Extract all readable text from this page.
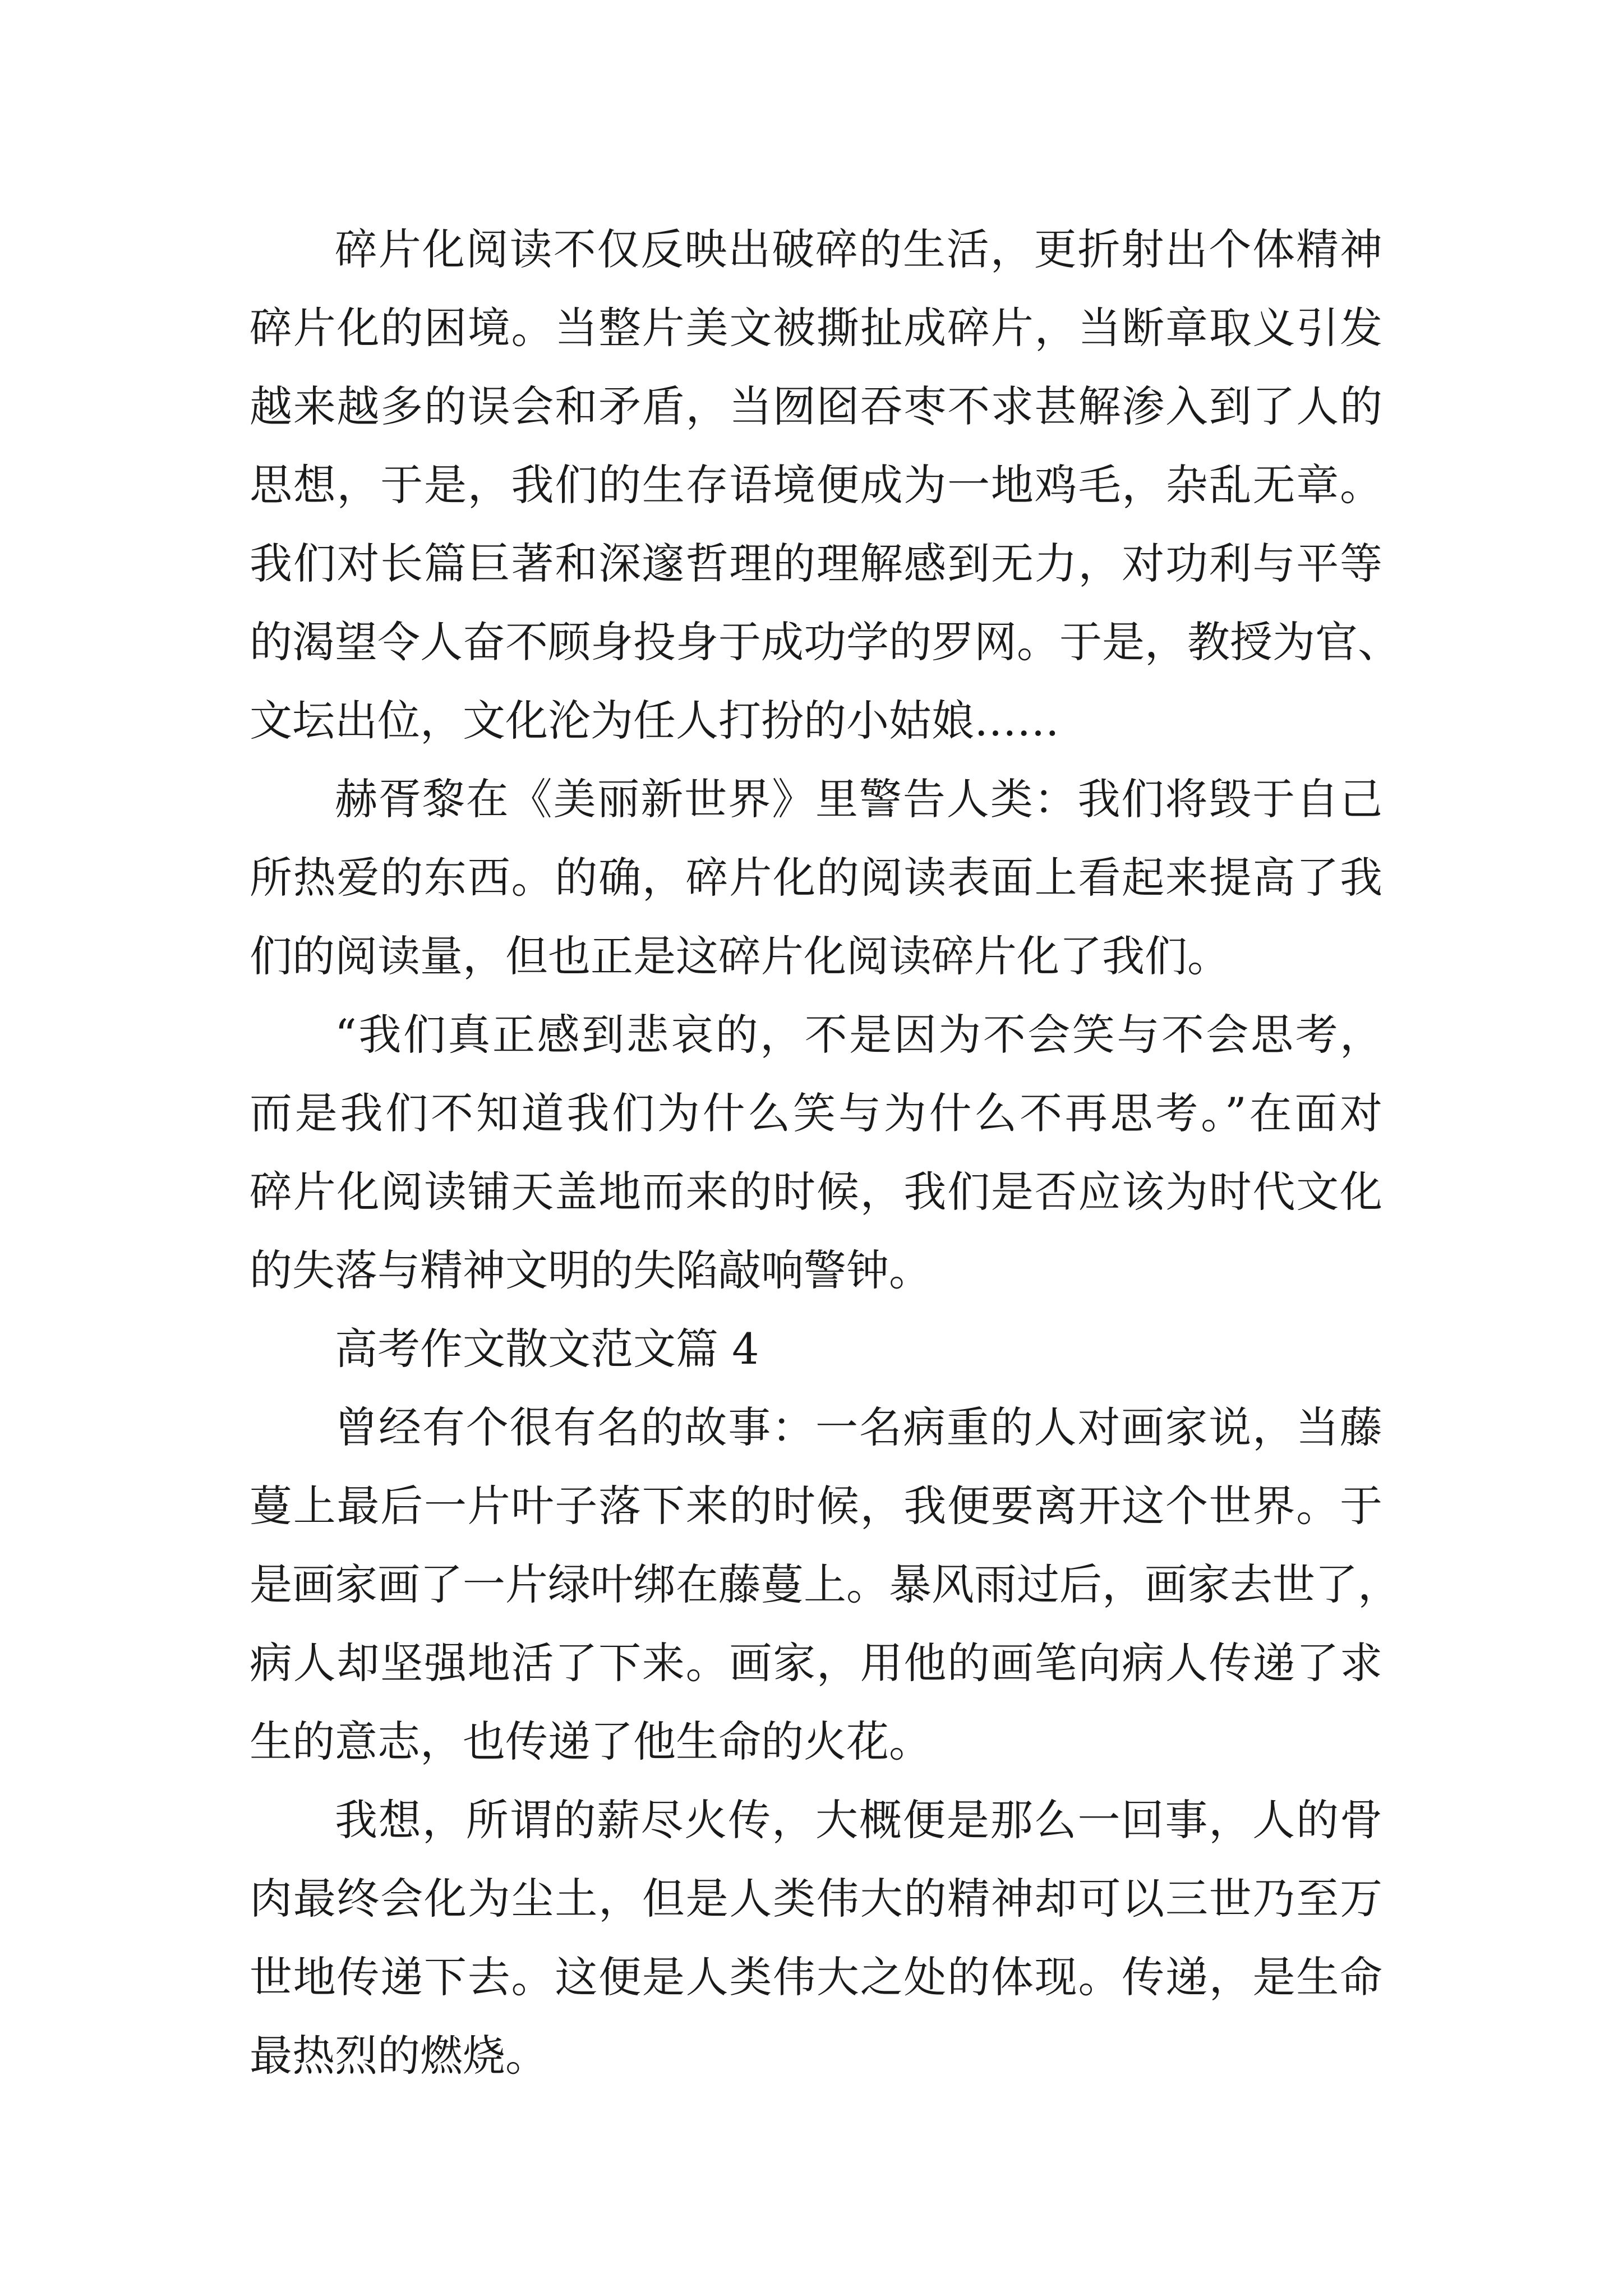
碎片化阅读不仅反映出破碎的生活，更折射出个体精神
碎片化的困境。当整片美文被撕扯成碎片，当断章取义引发
越来越多的误会和矛盾，当囫囵吞枣不求甚解渗入到了人的
思想，于是，我们的生存语境便成为一地鸡毛，杂乱无章。
我们对长篇巨著和深邃哲理的理解感到无力，对功利与平等
的渴望令人奋不顾身投身于成功学的罗网。于是，教授为官、
文坛出位，文化沦为任人打扮的小姑娘……
赫胥黎在《美丽新世界》里警告人类：我们将毁于自己
所热爱的东西。的确，碎片化的阅读表面上看起来提高了我
们的阅读量，但也正是这碎片化阅读碎片化了我们。
“我们真正感到悲哀的，不是因为不会笑与不会思考，
而是我们不知道我们为什么笑与为什么不再思考。”在面对
碎片化阅读铺天盖地而来的时候，我们是否应该为时代文化
的失落与精神文明的失陷敲响警钟。
高考作文散文范文篇 4
曾经有个很有名的故事：一名病重的人对画家说，当藤
蔓上最后一片叶子落下来的时候，我便要离开这个世界。于
是画家画了一片绿叶绑在藤蔓上。暴风雨过后，画家去世了，
病人却坚强地活了下来。画家，用他的画笔向病人传递了求
生的意志，也传递了他生命的火花。
我想，所谓的薪尽火传，大概便是那么一回事，人的骨
肉最终会化为尘土，但是人类伟大的精神却可以三世乃至万
世地传递下去。这便是人类伟大之处的体现。传递，是生命
最热烈的燃烧。
